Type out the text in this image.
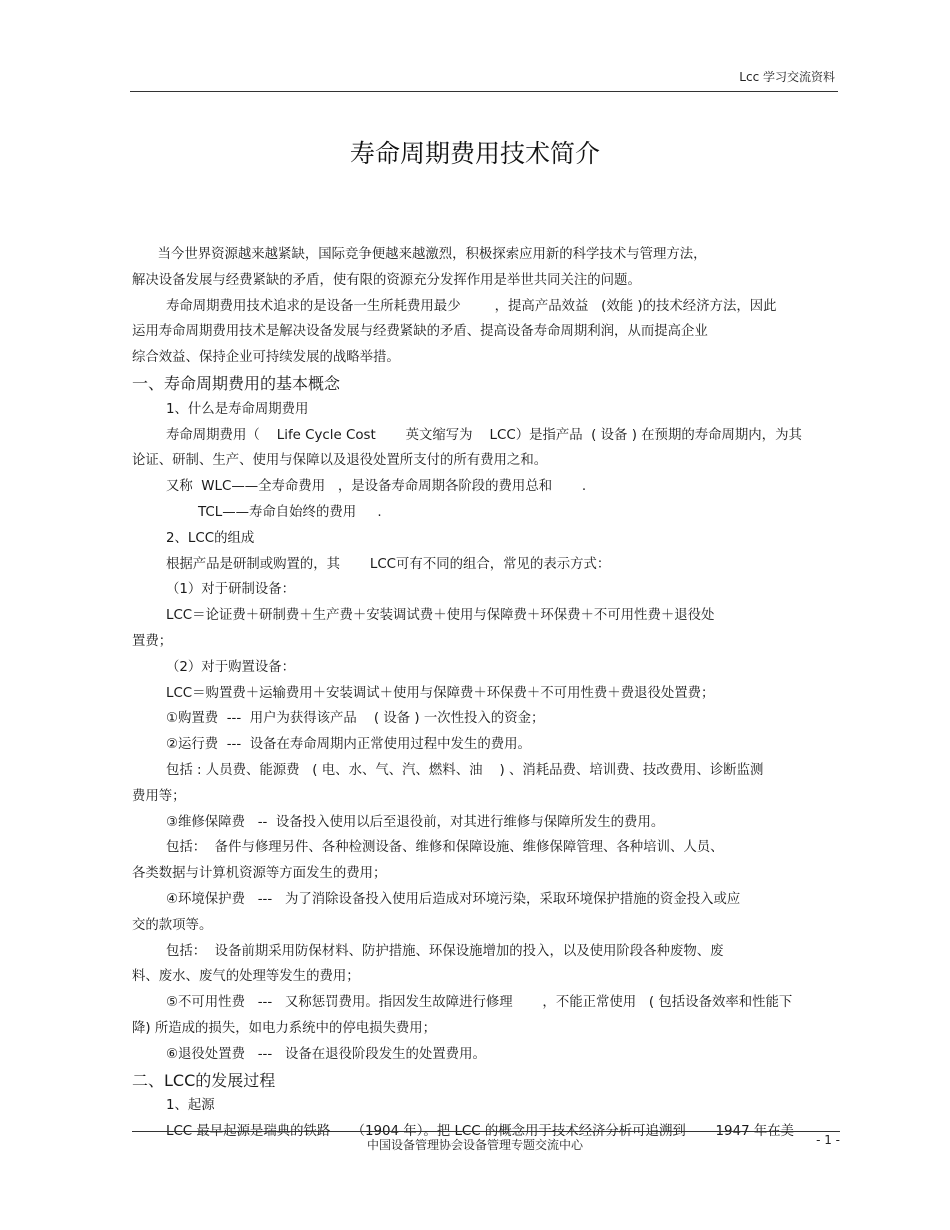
Lcc 学习交流资料
寿命周期费用技术简介
当今世界资源越来越紧缺，国际竞争便越来越激烈，积极探索应用新的科学技术与管理方法，
解决设备发展与经费紧缺的矛盾，使有限的资源充分发挥作用是举世共同关注的问题。
寿命周期费用技术追求的是设备一生所耗费用最少        ，提高产品效益   (效能 )的技术经济方法，因此
运用寿命周期费用技术是解决设备发展与经费紧缺的矛盾、提高设备寿命周期利润，从而提高企业
综合效益、保持企业可持续发展的战略举措。
一、寿命周期费用的基本概念
1、什么是寿命周期费用
寿命周期费用（    Life Cycle Cost       英文缩写为    LCC）是指产品  ( 设备 ) 在预期的寿命周期内，为其
论证、研制、生产、使用与保障以及退役处置所支付的所有费用之和。
又称  WLC——全寿命费用   ，是设备寿命周期各阶段的费用总和       .
TCL——寿命自始终的费用     .
2、LCC的组成
根据产品是研制或购置的，其       LCC可有不同的组合，常见的表示方式：
（1）对于研制设备：
LCC＝论证费＋研制费＋生产费＋安装调试费＋使用与保障费＋环保费＋不可用性费＋退役处
置费；
（2）对于购置设备：
LCC＝购置费＋运输费用＋安装调试＋使用与保障费＋环保费＋不可用性费＋费退役处置费；
①购置费  ---  用户为获得该产品    ( 设备 ) 一次性投入的资金；
②运行费  ---  设备在寿命周期内正常使用过程中发生的费用。
包括 : 人员费、能源费   ( 电、水、气、汽、燃料、油    ) 、消耗品费、培训费、技改费用、诊断监测
费用等；
③维修保障费   --  设备投入使用以后至退役前，对其进行维修与保障所发生的费用。
包括：  备件与修理另件、各种检测设备、维修和保障设施、维修保障管理、各种培训、人员、
各类数据与计算机资源等方面发生的费用；
④环境保护费   ---   为了消除设备投入使用后造成对环境污染，采取环境保护措施的资金投入或应
交的款项等。
包括：  设备前期采用防保材料、防护措施、环保设施增加的投入，以及使用阶段各种废物、废
料、废水、废气的处理等发生的费用；
⑤不可用性费   ---   又称惩罚费用。指因发生故障进行修理       ，不能正常使用   ( 包括设备效率和性能下
降) 所造成的损失，如电力系统中的停电损失费用；
⑥退役处置费   ---   设备在退役阶段发生的处置费用。
二、LCC的发展过程
1、起源
LCC 最早起源是瑞典的铁路     （1904 年）。把 LCC 的概念用于技术经济分析可追溯到       1947 年在美
中国设备管理协会设备管理专题交流中心	- 1 -
